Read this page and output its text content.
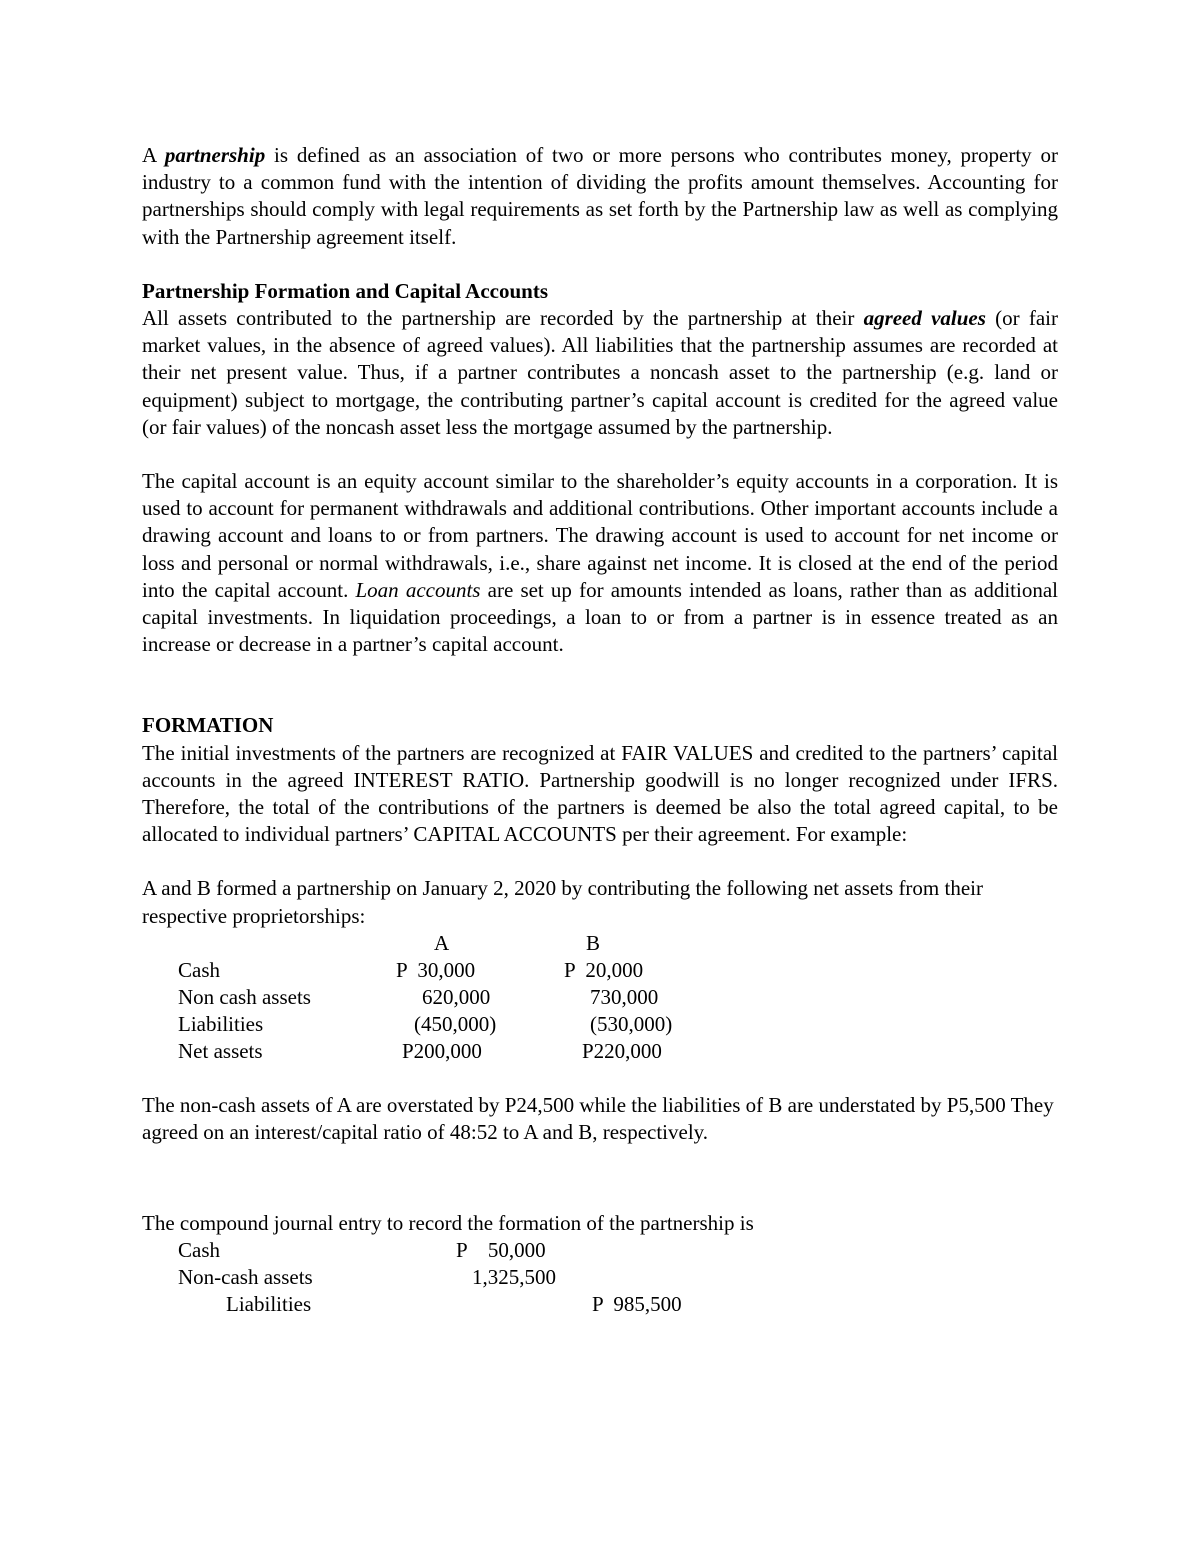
A partnership is defined as an association of two or more persons who contributes money, property or industry to a common fund with the intention of dividing the profits amount themselves. Accounting for partnerships should comply with legal requirements as set forth by the Partnership law as well as complying with the Partnership agreement itself.

Partnership Formation and Capital Accounts

All assets contributed to the partnership are recorded by the partnership at their agreed values (or fair market values, in the absence of agreed values). All liabilities that the partnership assumes are recorded at their net present value. Thus, if a partner contributes a noncash asset to the partnership (e.g. land or equipment) subject to mortgage, the contributing partner’s capital account is credited for the agreed value (or fair values) of the noncash asset less the mortgage assumed by the partnership.

The capital account is an equity account similar to the shareholder’s equity accounts in a corporation. It is used to account for permanent withdrawals and additional contributions. Other important accounts include a drawing account and loans to or from partners. The drawing account is used to account for net income or loss and personal or normal withdrawals, i.e., share against net income. It is closed at the end of the period into the capital account. Loan accounts are set up for amounts intended as loans, rather than as additional capital investments. In liquidation proceedings, a loan to or from a partner is in essence treated as an increase or decrease in a partner’s capital account.

FORMATION

The initial investments of the partners are recognized at FAIR VALUES and credited to the partners’ capital accounts in the agreed INTEREST RATIO. Partnership goodwill is no longer recognized under IFRS. Therefore, the total of the contributions of the partners is deemed be also the total agreed capital, to be allocated to individual partners’ CAPITAL ACCOUNTS per their agreement. For example:

A and B formed a partnership on January 2, 2020 by contributing the following net assets from their respective proprietorships:

	A	B
Cash	P  30,000	P  20,000
Non cash assets	620,000	730,000
Liabilities	(450,000)	(530,000)
Net assets	P200,000	P220,000

The non-cash assets of A are overstated by P24,500 while the liabilities of B are understated by P5,500 They agreed on an interest/capital ratio of 48:52 to A and B, respectively.

The compound journal entry to record the formation of the partnership is

Cash	P    50,000	
Non-cash assets	1,325,500	
Liabilities		P  985,500
